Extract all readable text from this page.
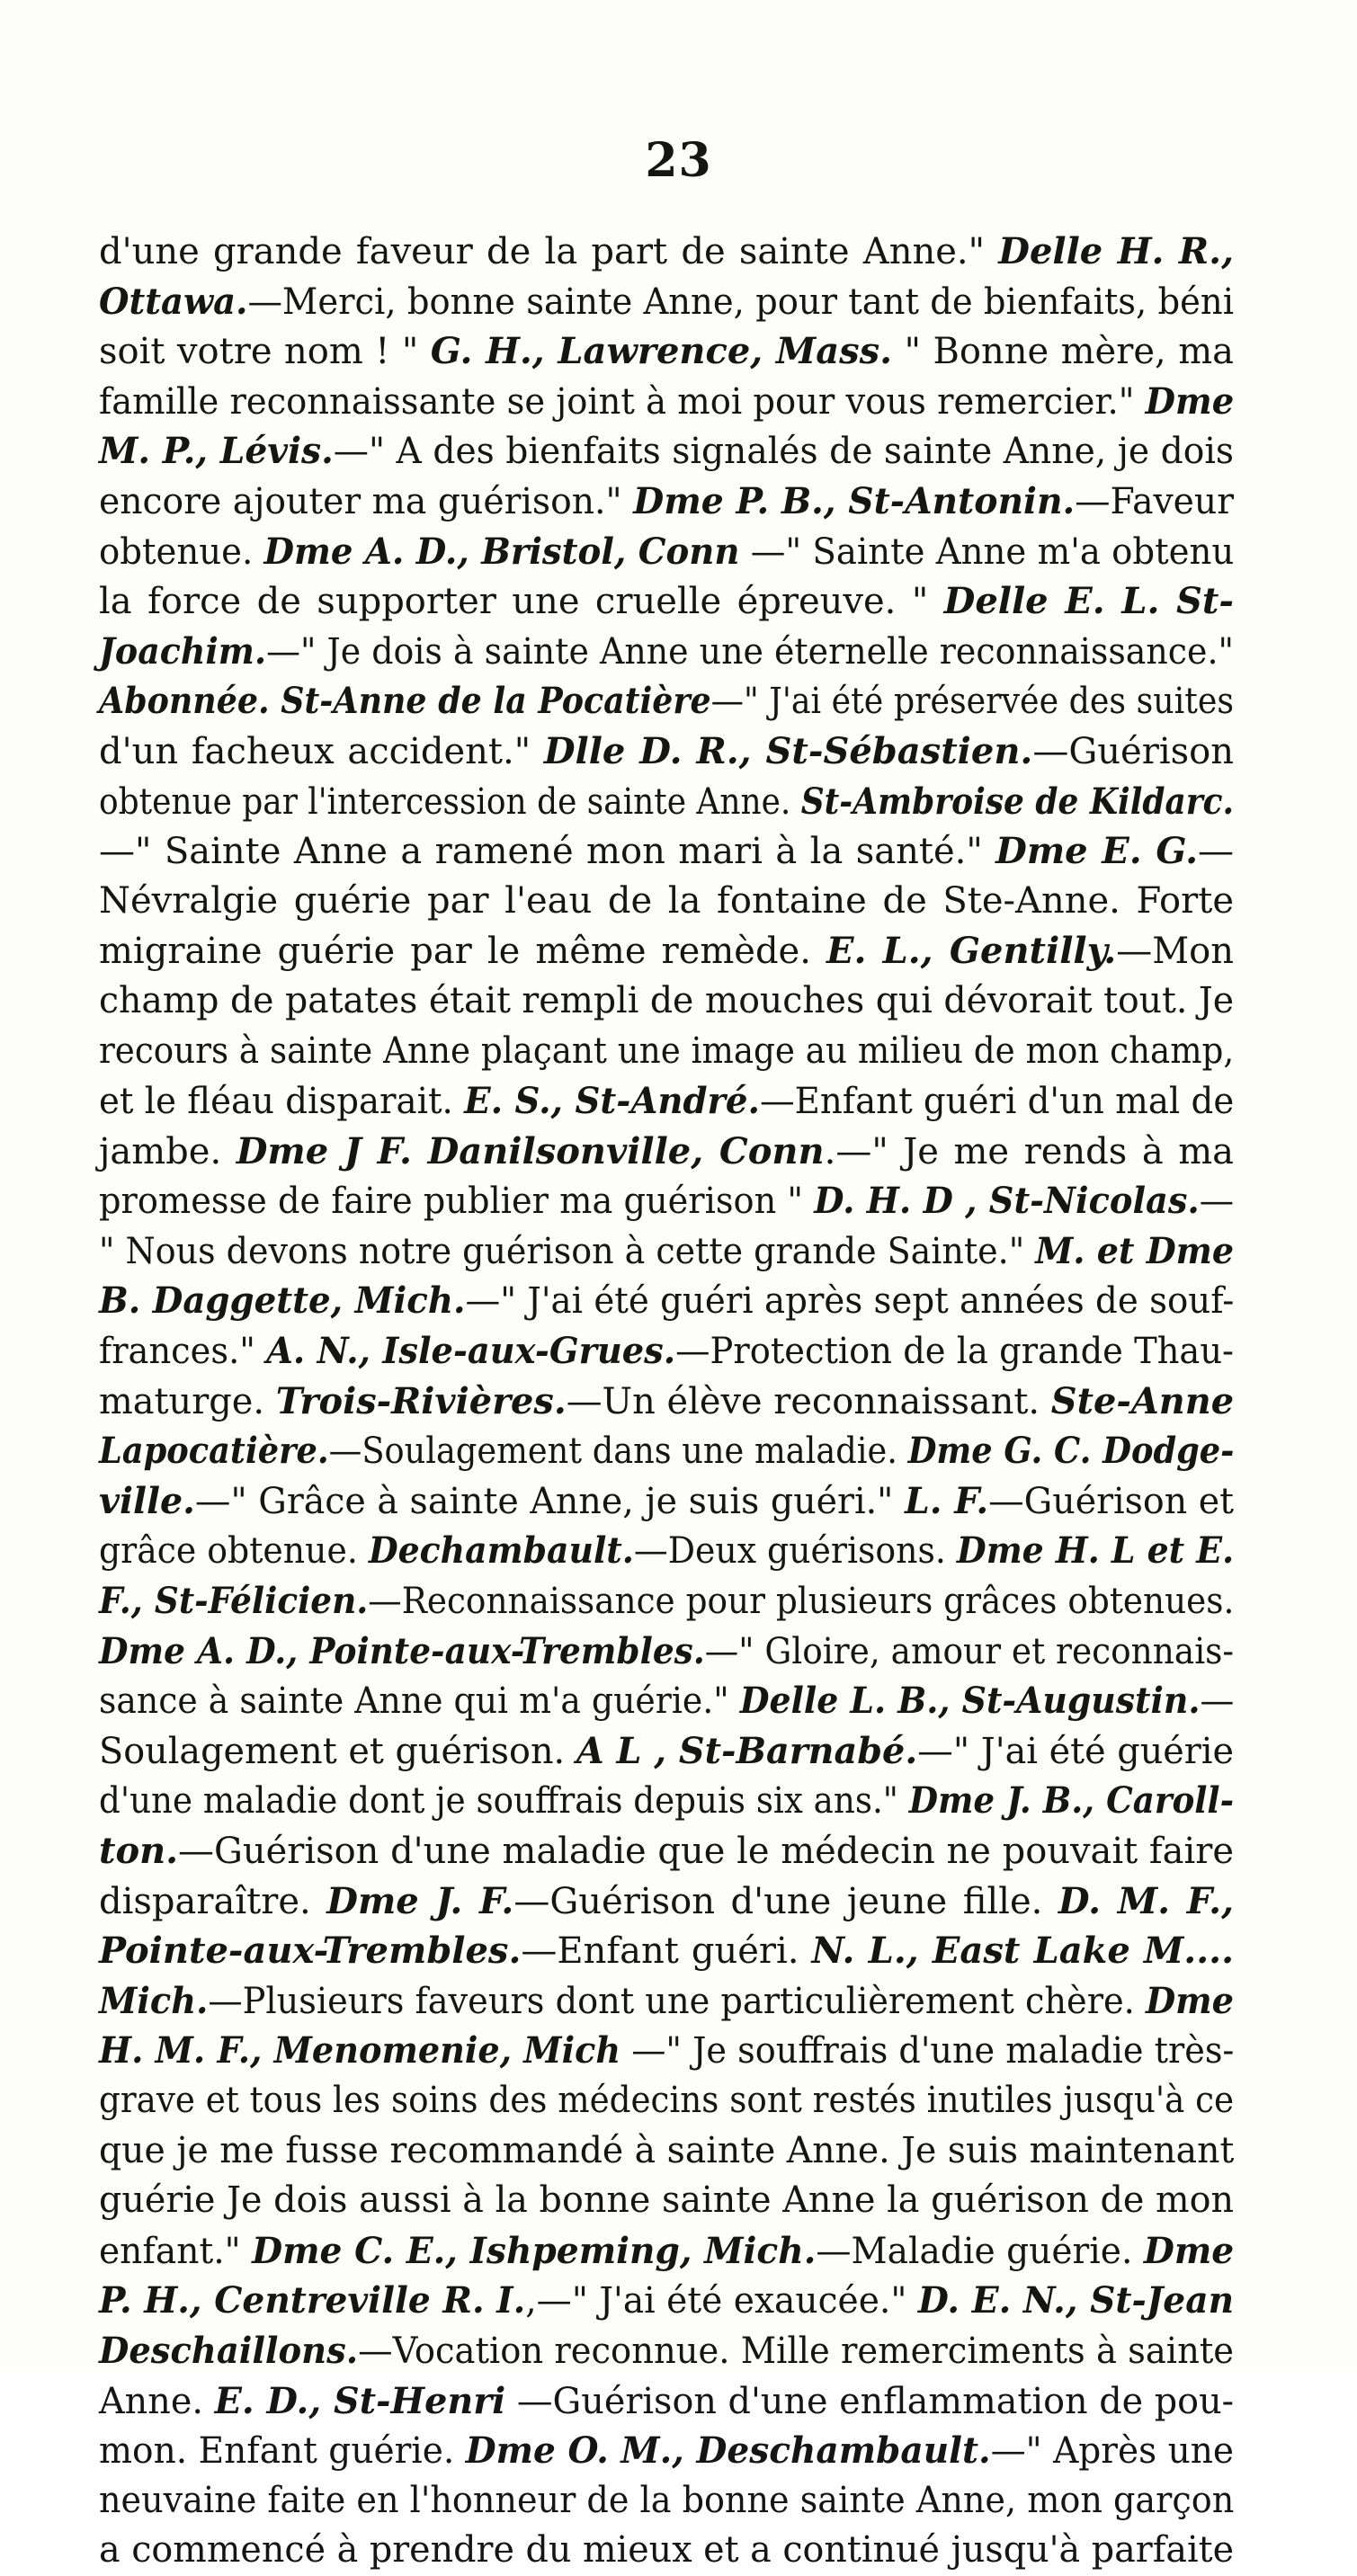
23
d'une grande faveur de la part de sainte Anne." Delle H. R.,
Ottawa.—Merci, bonne sainte Anne, pour tant de bienfaits, béni
soit votre nom ! " G. H., Lawrence, Mass. " Bonne mère, ma
famille reconnaissante se joint à moi pour vous remercier." Dme
M. P., Lévis.—" A des bienfaits signalés de sainte Anne, je dois
encore ajouter ma guérison." Dme P. B., St-Antonin.—Faveur
obtenue. Dme A. D., Bristol, Conn —" Sainte Anne m'a obtenu
la force de supporter une cruelle épreuve. " Delle E. L. St-
Joachim.—" Je dois à sainte Anne une éternelle reconnaissance."
Abonnée. St-Anne de la Pocatière—" J'ai été préservée des suites
d'un facheux accident." Dlle D. R., St-Sébastien.—Guérison
obtenue par l'intercession de sainte Anne. St-Ambroise de Kildarc.
—" Sainte Anne a ramené mon mari à la santé." Dme E. G.—
Névralgie guérie par l'eau de la fontaine de Ste-Anne. Forte
migraine guérie par le même remède. E. L., Gentilly.—Mon
champ de patates était rempli de mouches qui dévorait tout. Je
recours à sainte Anne plaçant une image au milieu de mon champ,
et le fléau disparait. E. S., St-André.—Enfant guéri d'un mal de
jambe. Dme J F. Danilsonville, Conn.—" Je me rends à ma
promesse de faire publier ma guérison " D. H. D , St-Nicolas.—
" Nous devons notre guérison à cette grande Sainte." M. et Dme
B. Daggette, Mich.—" J'ai été guéri après sept années de souf-
frances." A. N., Isle-aux-Grues.—Protection de la grande Thau-
maturge. Trois-Rivières.—Un élève reconnaissant. Ste-Anne
Lapocatière.—Soulagement dans une maladie. Dme G. C. Dodge-
ville.—" Grâce à sainte Anne, je suis guéri." L. F.—Guérison et
grâce obtenue. Dechambault.—Deux guérisons. Dme H. L et E.
F., St-Félicien.—Reconnaissance pour plusieurs grâces obtenues.
Dme A. D., Pointe-aux-Trembles.—" Gloire, amour et reconnais-
sance à sainte Anne qui m'a guérie." Delle L. B., St-Augustin.—
Soulagement et guérison. A L , St-Barnabé.—" J'ai été guérie
d'une maladie dont je souffrais depuis six ans." Dme J. B., Caroll-
ton.—Guérison d'une maladie que le médecin ne pouvait faire
disparaître. Dme J. F.—Guérison d'une jeune fille. D. M. F.,
Pointe-aux-Trembles.—Enfant guéri. N. L., East Lake M....
Mich.—Plusieurs faveurs dont une particulièrement chère. Dme
H. M. F., Menomenie, Mich —" Je souffrais d'une maladie très-
grave et tous les soins des médecins sont restés inutiles jusqu'à ce
que je me fusse recommandé à sainte Anne. Je suis maintenant
guérie Je dois aussi à la bonne sainte Anne la guérison de mon
enfant." Dme C. E., Ishpeming, Mich.—Maladie guérie. Dme
P. H., Centreville R. I.,—" J'ai été exaucée." D. E. N., St-Jean
Deschaillons.—Vocation reconnue. Mille remerciments à sainte
Anne. E. D., St-Henri —Guérison d'une enflammation de pou-
mon. Enfant guérie. Dme O. M., Deschambault.—" Après une
neuvaine faite en l'honneur de la bonne sainte Anne, mon garçon
a commencé à prendre du mieux et a continué jusqu'à parfaite
